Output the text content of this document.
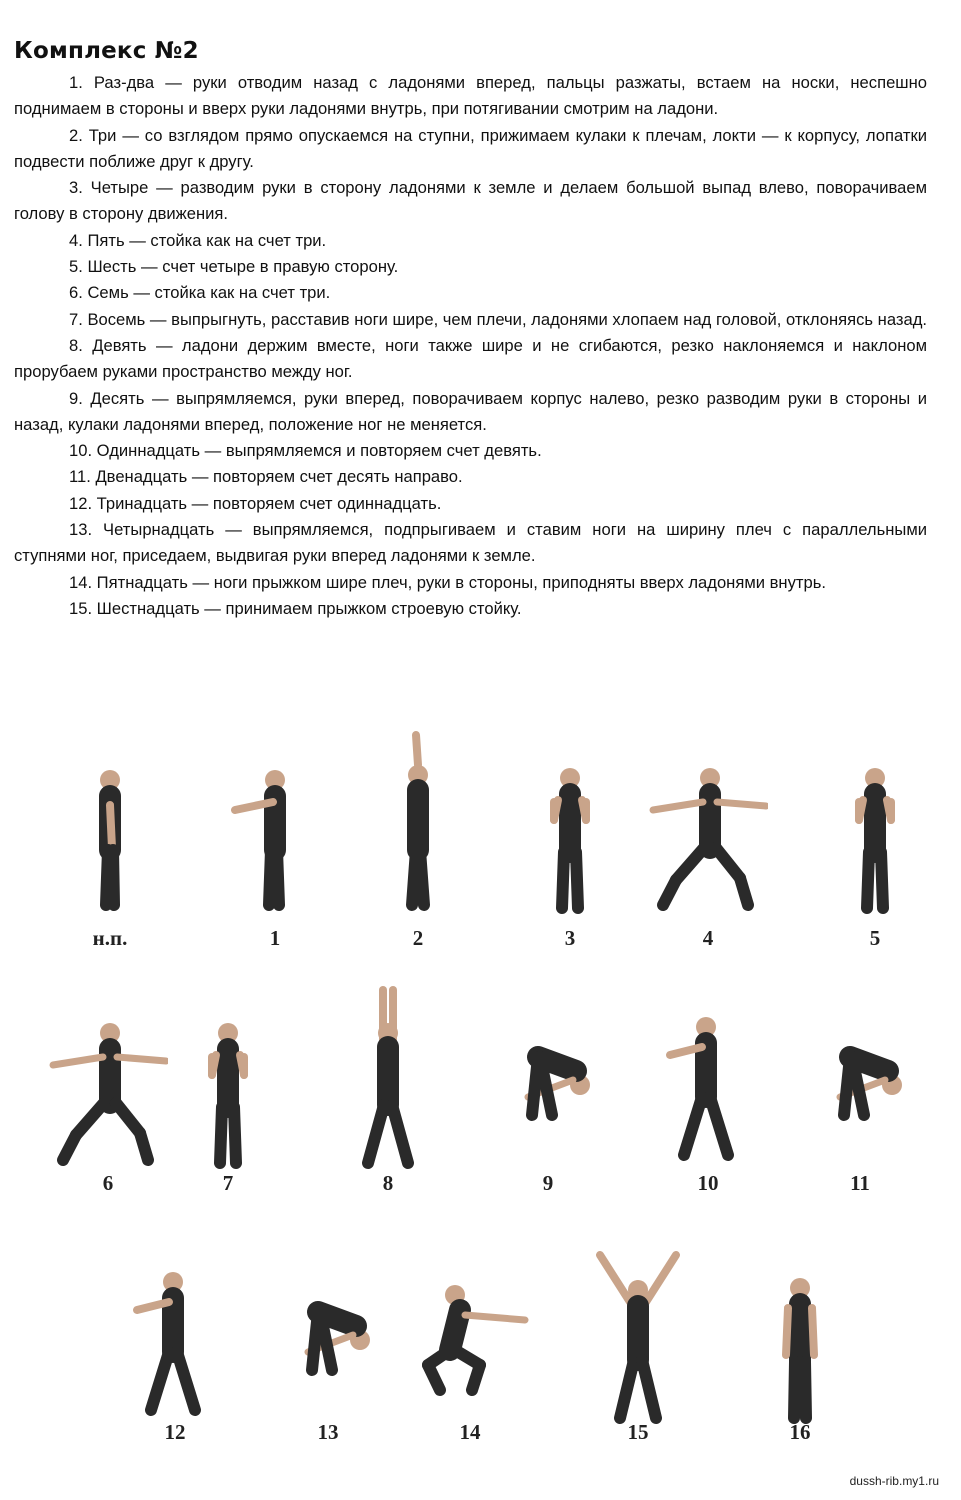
Комплекс №2
1. Раз-два — руки отводим назад с ладонями вперед, пальцы разжаты, встаем на носки, неспешно поднимаем в стороны и вверх руки ладонями внутрь, при потягивании смотрим на ладони.
2. Три — со взглядом прямо опускаемся на ступни, прижимаем кулаки к плечам, локти — к корпусу, лопатки подвести поближе друг к другу.
3. Четыре — разводим руки в сторону ладонями к земле и делаем большой выпад влево, поворачиваем голову в сторону движения.
4. Пять — стойка как на счет три.
5. Шесть — счет четыре в правую сторону.
6. Семь — стойка как на счет три.
7. Восемь — выпрыгнуть, расставив ноги шире, чем плечи, ладонями хлопаем над головой, отклоняясь назад.
8. Девять — ладони держим вместе, ноги также шире и не сгибаются, резко наклоняемся и наклоном прорубаем руками пространство между ног.
9. Десять — выпрямляемся, руки вперед, поворачиваем корпус налево, резко разводим руки в стороны и назад, кулаки ладонями вперед, положение ног не меняется.
10. Одиннадцать — выпрямляемся и повторяем счет девять.
11. Двенадцать — повторяем счет десять направо.
12. Тринадцать — повторяем счет одиннадцать.
13. Четырнадцать — выпрямляемся, подпрыгиваем и ставим ноги на ширину плеч с параллельными ступнями ног, приседаем, выдвигая руки вперед ладонями к земле.
14. Пятнадцать — ноги прыжком шире плеч, руки в стороны, приподняты вверх ладонями внутрь.
15. Шестнадцать — принимаем прыжком строевую стойку.
н.п.	1	2	3	4	5
6	7	8	9	10	11
12	13	14	15	16
dussh-rib.my1.ru
